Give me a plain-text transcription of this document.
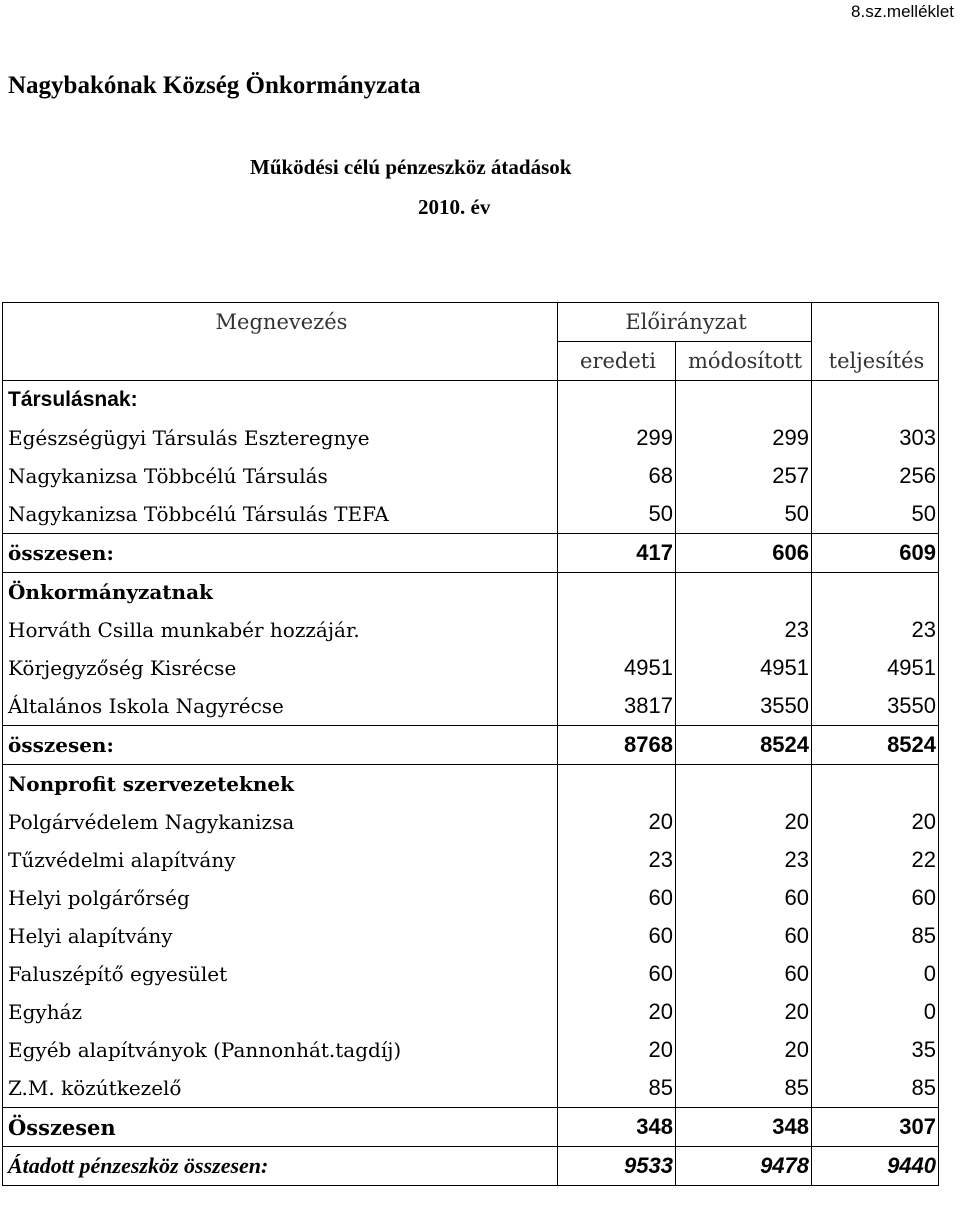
8.sz.melléklet
Nagybakónak Község Önkormányzata
Működési célú pénzeszköz átadások
2010. év
Megnevezés	Előirányzat		
	eredeti	módosított	teljesítés
Társulásnak:			
Egészségügyi Társulás Eszteregnye	299	299	303
Nagykanizsa Többcélú Társulás	68	257	256
Nagykanizsa Többcélú Társulás TEFA	50	50	50
összesen:	417	606	609
Önkormányzatnak			
Horváth Csilla munkabér hozzájár.		23	23
Körjegyzőség Kisrécse	4951	4951	4951
Általános Iskola Nagyrécse	3817	3550	3550
összesen:	8768	8524	8524
Nonprofit szervezeteknek			
Polgárvédelem Nagykanizsa	20	20	20
Tűzvédelmi alapítvány	23	23	22
Helyi polgárőrség	60	60	60
Helyi alapítvány	60	60	85
Faluszépítő egyesület	60	60	0
Egyház	20	20	0
Egyéb alapítványok (Pannonhát.tagdíj)	20	20	35
Z.M. közútkezelő	85	85	85
Összesen	348	348	307
Átadott pénzeszköz összesen:	9533	9478	9440
